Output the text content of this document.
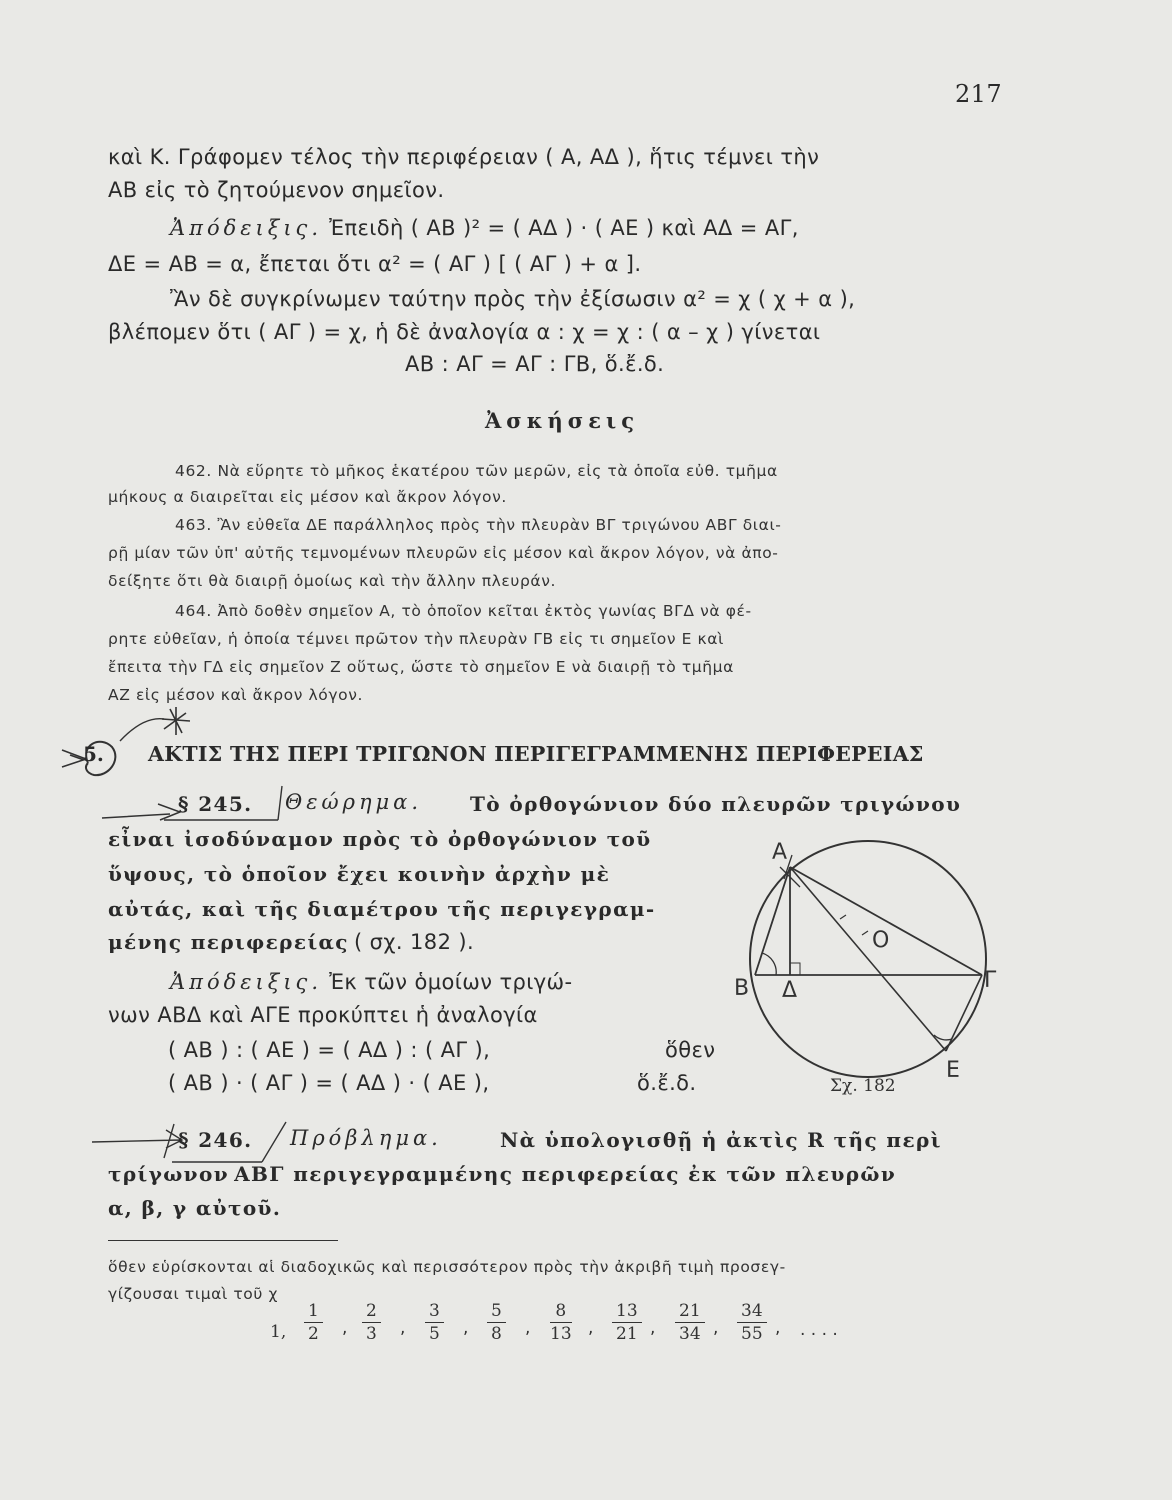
217
καὶ Κ. Γράφομεν τέλος τὴν περιφέρειαν ( Α, ΑΔ ), ἥτις τέμνει τὴν
ΑΒ εἰς τὸ ζητούμενον σημεῖον.
Ἀπόδειξις. Ἐπειδὴ ( ΑΒ )² = ( ΑΔ ) · ( ΑΕ ) καὶ ΑΔ = ΑΓ,
ΔΕ = ΑΒ = α, ἔπεται ὅτι α² = ( ΑΓ ) [ ( ΑΓ ) + α ].
Ἂν δὲ συγκρίνωμεν ταύτην πρὸς τὴν ἐξίσωσιν α² = χ ( χ + α ),
βλέπομεν ὅτι ( ΑΓ ) = χ, ἡ δὲ ἀναλογία α : χ = χ : ( α – χ ) γίνεται
ΑΒ : ΑΓ = ΑΓ : ΓΒ, ὅ.ἔ.δ.
Ἀσκήσεις
462. Νὰ εὕρητε τὸ μῆκος ἑκατέρου τῶν μερῶν, εἰς τὰ ὁποῖα εὐθ. τμῆμα
μήκους α διαιρεῖται εἰς μέσον καὶ ἄκρον λόγον.
463. Ἂν εὐθεῖα ΔΕ παράλληλος πρὸς τὴν πλευρὰν ΒΓ τριγώνου ΑΒΓ διαι-
ρῇ μίαν τῶν ὑπ' αὐτῆς τεμνομένων πλευρῶν εἰς μέσον καὶ ἄκρον λόγον, νὰ ἀπο-
δείξητε ὅτι θὰ διαιρῇ ὁμοίως καὶ τὴν ἄλλην πλευράν.
464. Ἀπὸ δοθὲν σημεῖον Α, τὸ ὁποῖον κεῖται ἐκτὸς γωνίας ΒΓΔ νὰ φέ-
ρητε εὐθεῖαν, ἡ ὁποία τέμνει πρῶτον τὴν πλευρὰν ΓΒ εἰς τι σημεῖον Ε καὶ
ἔπειτα τὴν ΓΔ εἰς σημεῖον Ζ οὕτως, ὥστε τὸ σημεῖον Ε νὰ διαιρῇ τὸ τμῆμα
ΑΖ εἰς μέσον καὶ ἄκρον λόγον.
5. ΑΚΤΙΣ ΤΗΣ ΠΕΡΙ ΤΡΙΓΩΝΟΝ ΠΕΡΙΓΕΓΡΑΜΜΕΝΗΣ ΠΕΡΙΦΕΡΕΙΑΣ
§ 245. Θεώρημα. Τὸ ὀρθογώνιον δύο πλευρῶν τριγώνου
εἶναι ἰσοδύναμον πρὸς τὸ ὀρθογώνιον τοῦ
ὕψους, τὸ ὁποῖον ἔχει κοινὴν ἀρχὴν μὲ
αὐτάς, καὶ τῆς διαμέτρου τῆς περιγεγραμ-
μένης περιφερείας ( σχ. 182 ).
Ἀπόδειξις. Ἐκ τῶν ὁμοίων τριγώ-
νων ΑΒΔ καὶ ΑΓΕ προκύπτει ἡ ἀναλογία
( ΑΒ ) : ( ΑΕ ) = ( ΑΔ ) : ( ΑΓ ),	ὅθεν
( ΑΒ ) · ( ΑΓ ) = ( ΑΔ ) · ( ΑΕ ),	ὅ.ἔ.δ.
Α
Β	Γ
Δ
Ε
Ο
Σχ. 182
§ 246. Πρόβλημα.	Νὰ ὑπολογισθῇ ἡ ἀκτὶς R τῆς περὶ
τρίγωνον ΑΒΓ περιγεγραμμένης περιφερείας ἐκ τῶν πλευρῶν
α, β, γ αὐτοῦ.
ὅθεν εὑρίσκονται αἱ διαδοχικῶς καὶ περισσότερον πρὸς τὴν ἀκριβῆ τιμὴ προσεγ-
γίζουσαι τιμαὶ τοῦ χ
1, $\frac{1}{2}$ , $\frac{2}{3}$ , $\frac{3}{5}$ , $\frac{5}{8}$ , $\frac{8}{13}$ , $\frac{13}{21}$ , $\frac{21}{34}$ , $\frac{34}{55}$ , . . . .
